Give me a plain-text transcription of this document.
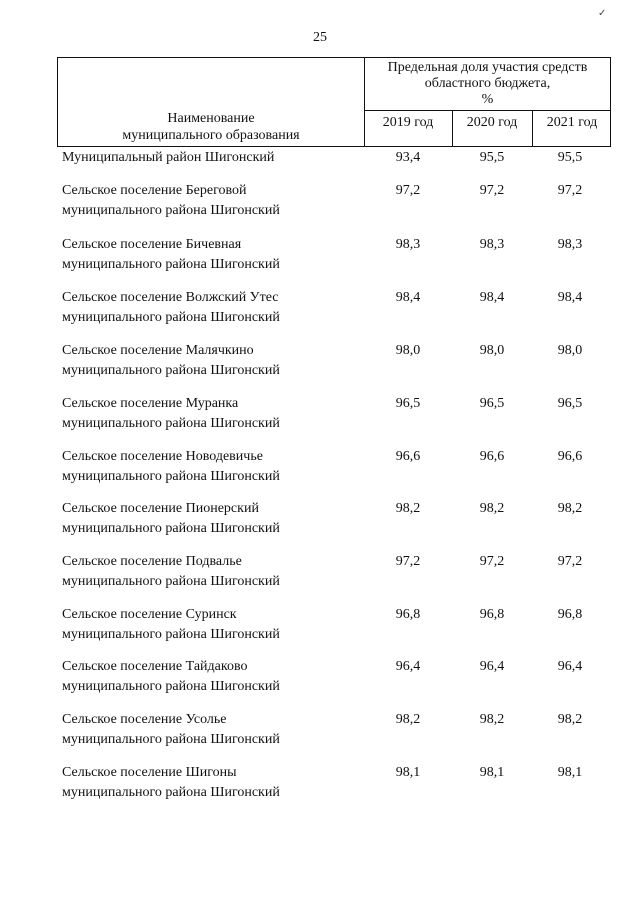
✓
25
Наименование
муниципального образования
Предельная доля участия средств
областного бюджета,
%
2019 год	2020 год	2021 год
Муниципальный район Шигонский	93,4	95,5	95,5
Сельское поселение Береговой
муниципального района Шигонский
97,2	97,2	97,2
Сельское поселение Бичевная
муниципального района Шигонский
98,3	98,3	98,3
Сельское поселение Волжский Утес
муниципального района Шигонский
98,4	98,4	98,4
Сельское поселение Малячкино
муниципального района Шигонский
98,0	98,0	98,0
Сельское поселение Муранка
муниципального района Шигонский
96,5	96,5	96,5
Сельское поселение Новодевичье
муниципального района Шигонский
96,6	96,6	96,6
Сельское поселение Пионерский
муниципального района Шигонский
98,2	98,2	98,2
Сельское поселение Подвалье
муниципального района Шигонский
97,2	97,2	97,2
Сельское поселение Суринск
муниципального района Шигонский
96,8	96,8	96,8
Сельское поселение Тайдаково
муниципального района Шигонский
96,4	96,4	96,4
Сельское поселение Усолье
муниципального района Шигонский
98,2	98,2	98,2
Сельское поселение Шигоны
муниципального района Шигонский
98,1	98,1	98,1
